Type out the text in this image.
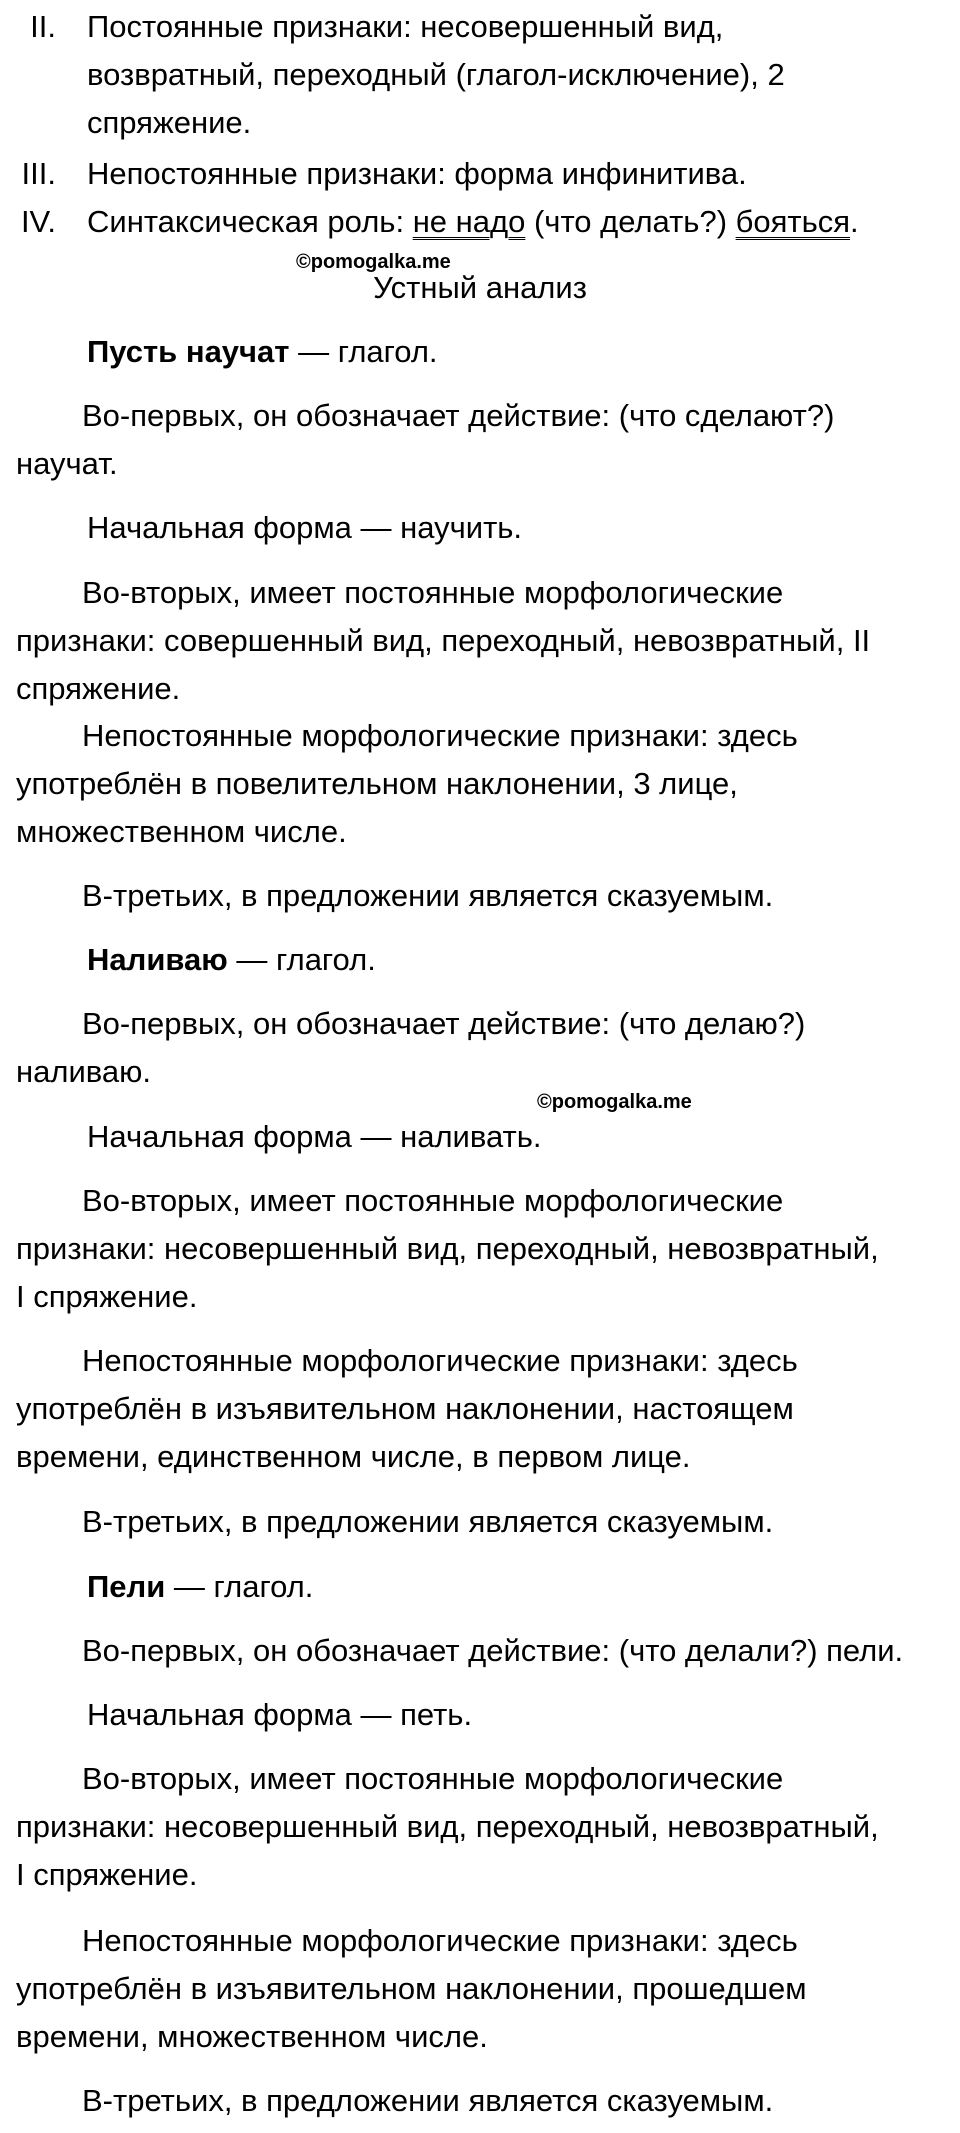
II. Постоянные признаки: несовершенный вид,
возвратный, переходный (глагол-исключение), 2
спряжение.
III. Непостоянные признаки: форма инфинитива.
IV. Синтаксическая роль: не надо (что делать?) бояться.
©pomogalka.me
Устный анализ
Пусть научат — глагол.
Во-первых, он обозначает действие: (что сделают?)
научат.
Начальная форма — научить.
Во-вторых, имеет постоянные морфологические
признаки: совершенный вид, переходный, невозвратный, II
спряжение.
Непостоянные морфологические признаки: здесь
употреблён в повелительном наклонении, 3 лице,
множественном числе.
В-третьих, в предложении является сказуемым.
Наливаю — глагол.
Во-первых, он обозначает действие: (что делаю?)
наливаю.
©pomogalka.me
Начальная форма — наливать.
Во-вторых, имеет постоянные морфологические
признаки: несовершенный вид, переходный, невозвратный,
I спряжение.
Непостоянные морфологические признаки: здесь
употреблён в изъявительном наклонении, настоящем
времени, единственном числе, в первом лице.
В-третьих, в предложении является сказуемым.
Пели — глагол.
Во-первых, он обозначает действие: (что делали?) пели.
Начальная форма — петь.
Во-вторых, имеет постоянные морфологические
признаки: несовершенный вид, переходный, невозвратный,
I спряжение.
Непостоянные морфологические признаки: здесь
употреблён в изъявительном наклонении, прошедшем
времени, множественном числе.
В-третьих, в предложении является сказуемым.
